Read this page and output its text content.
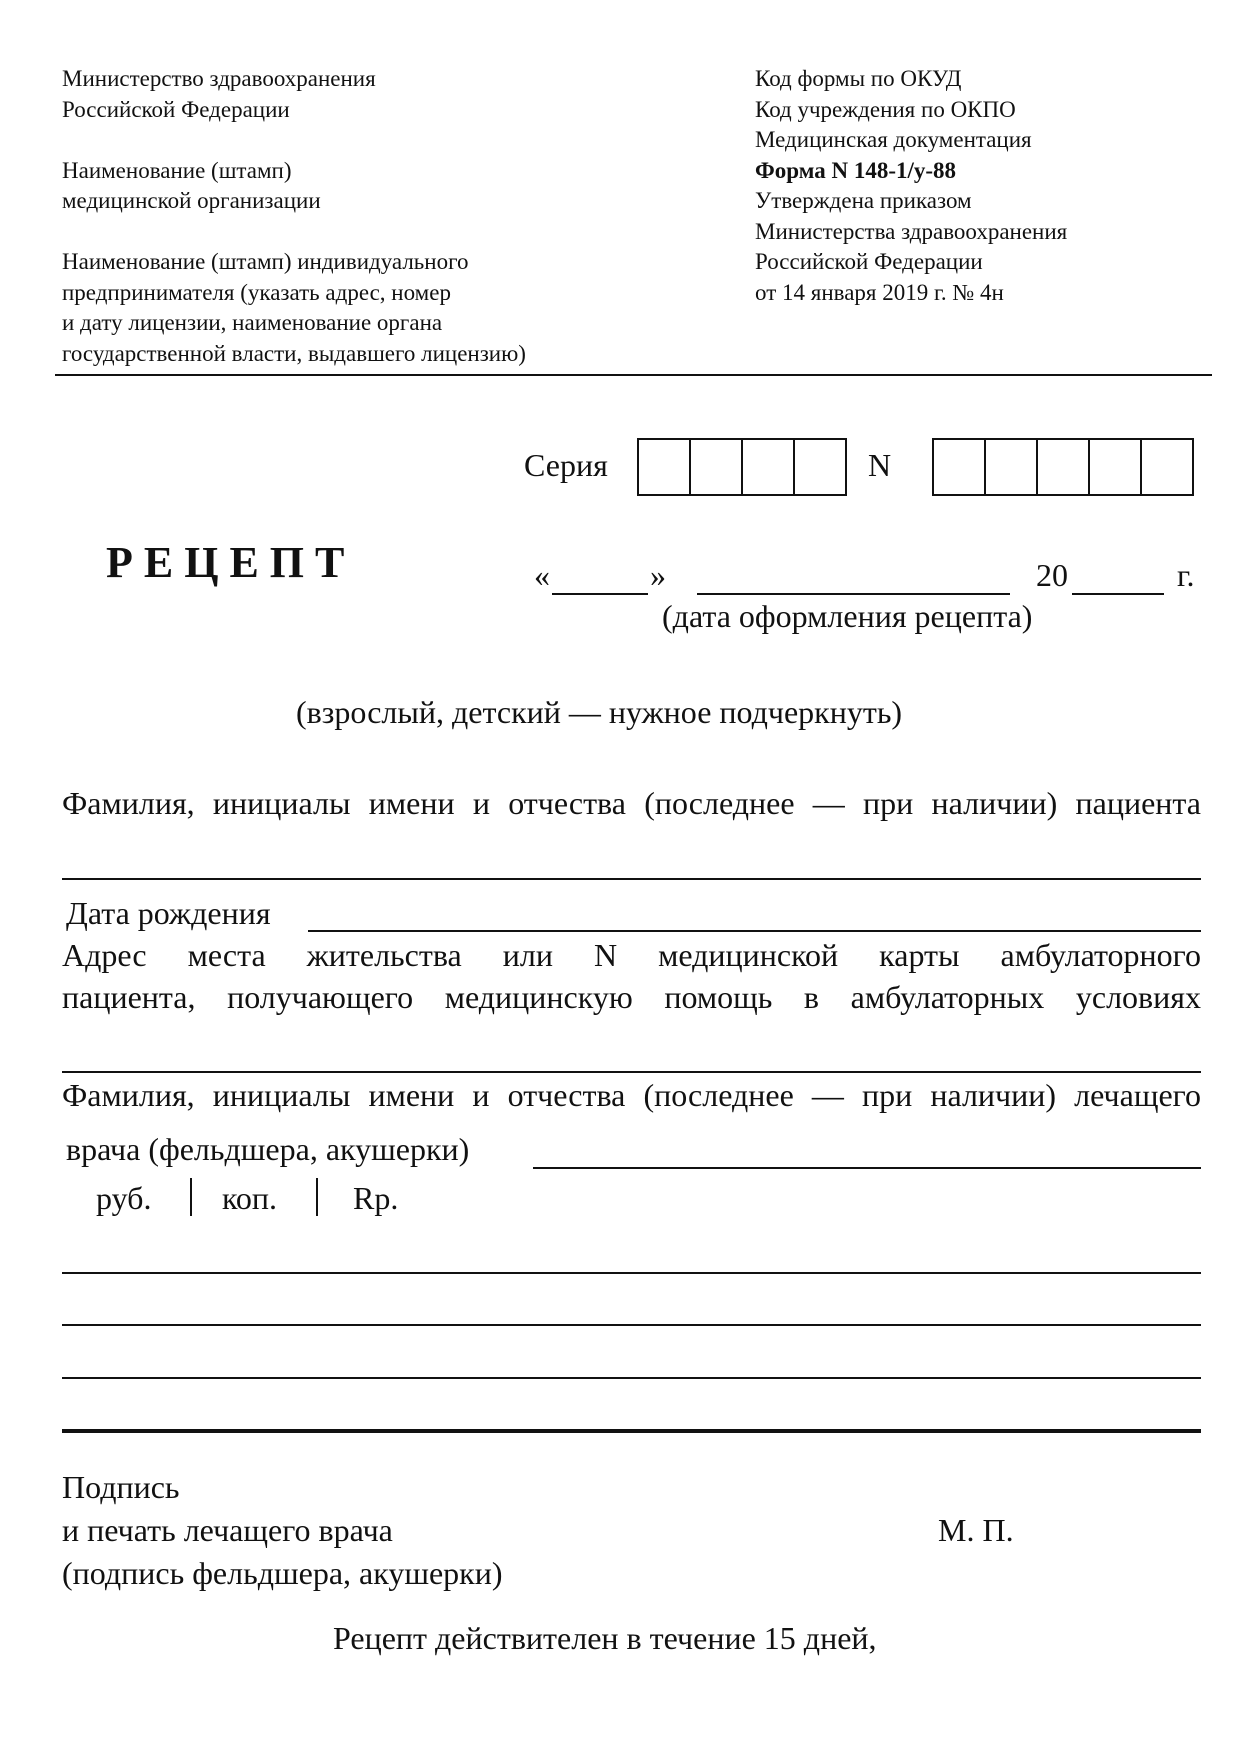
Министерство здравоохранения
Российской Федерации
Наименование (штамп)
медицинской организации
Наименование (штамп) индивидуального
предпринимателя (указать адрес, номер
и дату лицензии, наименование органа
государственной власти, выдавшего лицензию)
Код формы по ОКУД
Код учреждения по ОКПО
Медицинская документация
Форма N 148-1/у-88
Утверждена приказом
Министерства здравоохранения
Российской Федерации
от 14 января 2019 г. № 4н
Серия	N
РЕЦЕПТ	«	»	20	г.
(дата оформления рецепта)
(взрослый, детский — нужное подчеркнуть)
Фамилия, инициалы имени и отчества (последнее — при наличии) пациента
Дата рождения
Адрес места жительства или N медицинской карты амбулаторного
пациента, получающего медицинскую помощь в амбулаторных условиях
Фамилия, инициалы имени и отчества (последнее — при наличии) лечащего
врача (фельдшера, акушерки)
руб. коп. Rp.
Подпись
и печать лечащего врача
(подпись фельдшера, акушерки)
М. П.
Рецепт действителен в течение 15 дней,
